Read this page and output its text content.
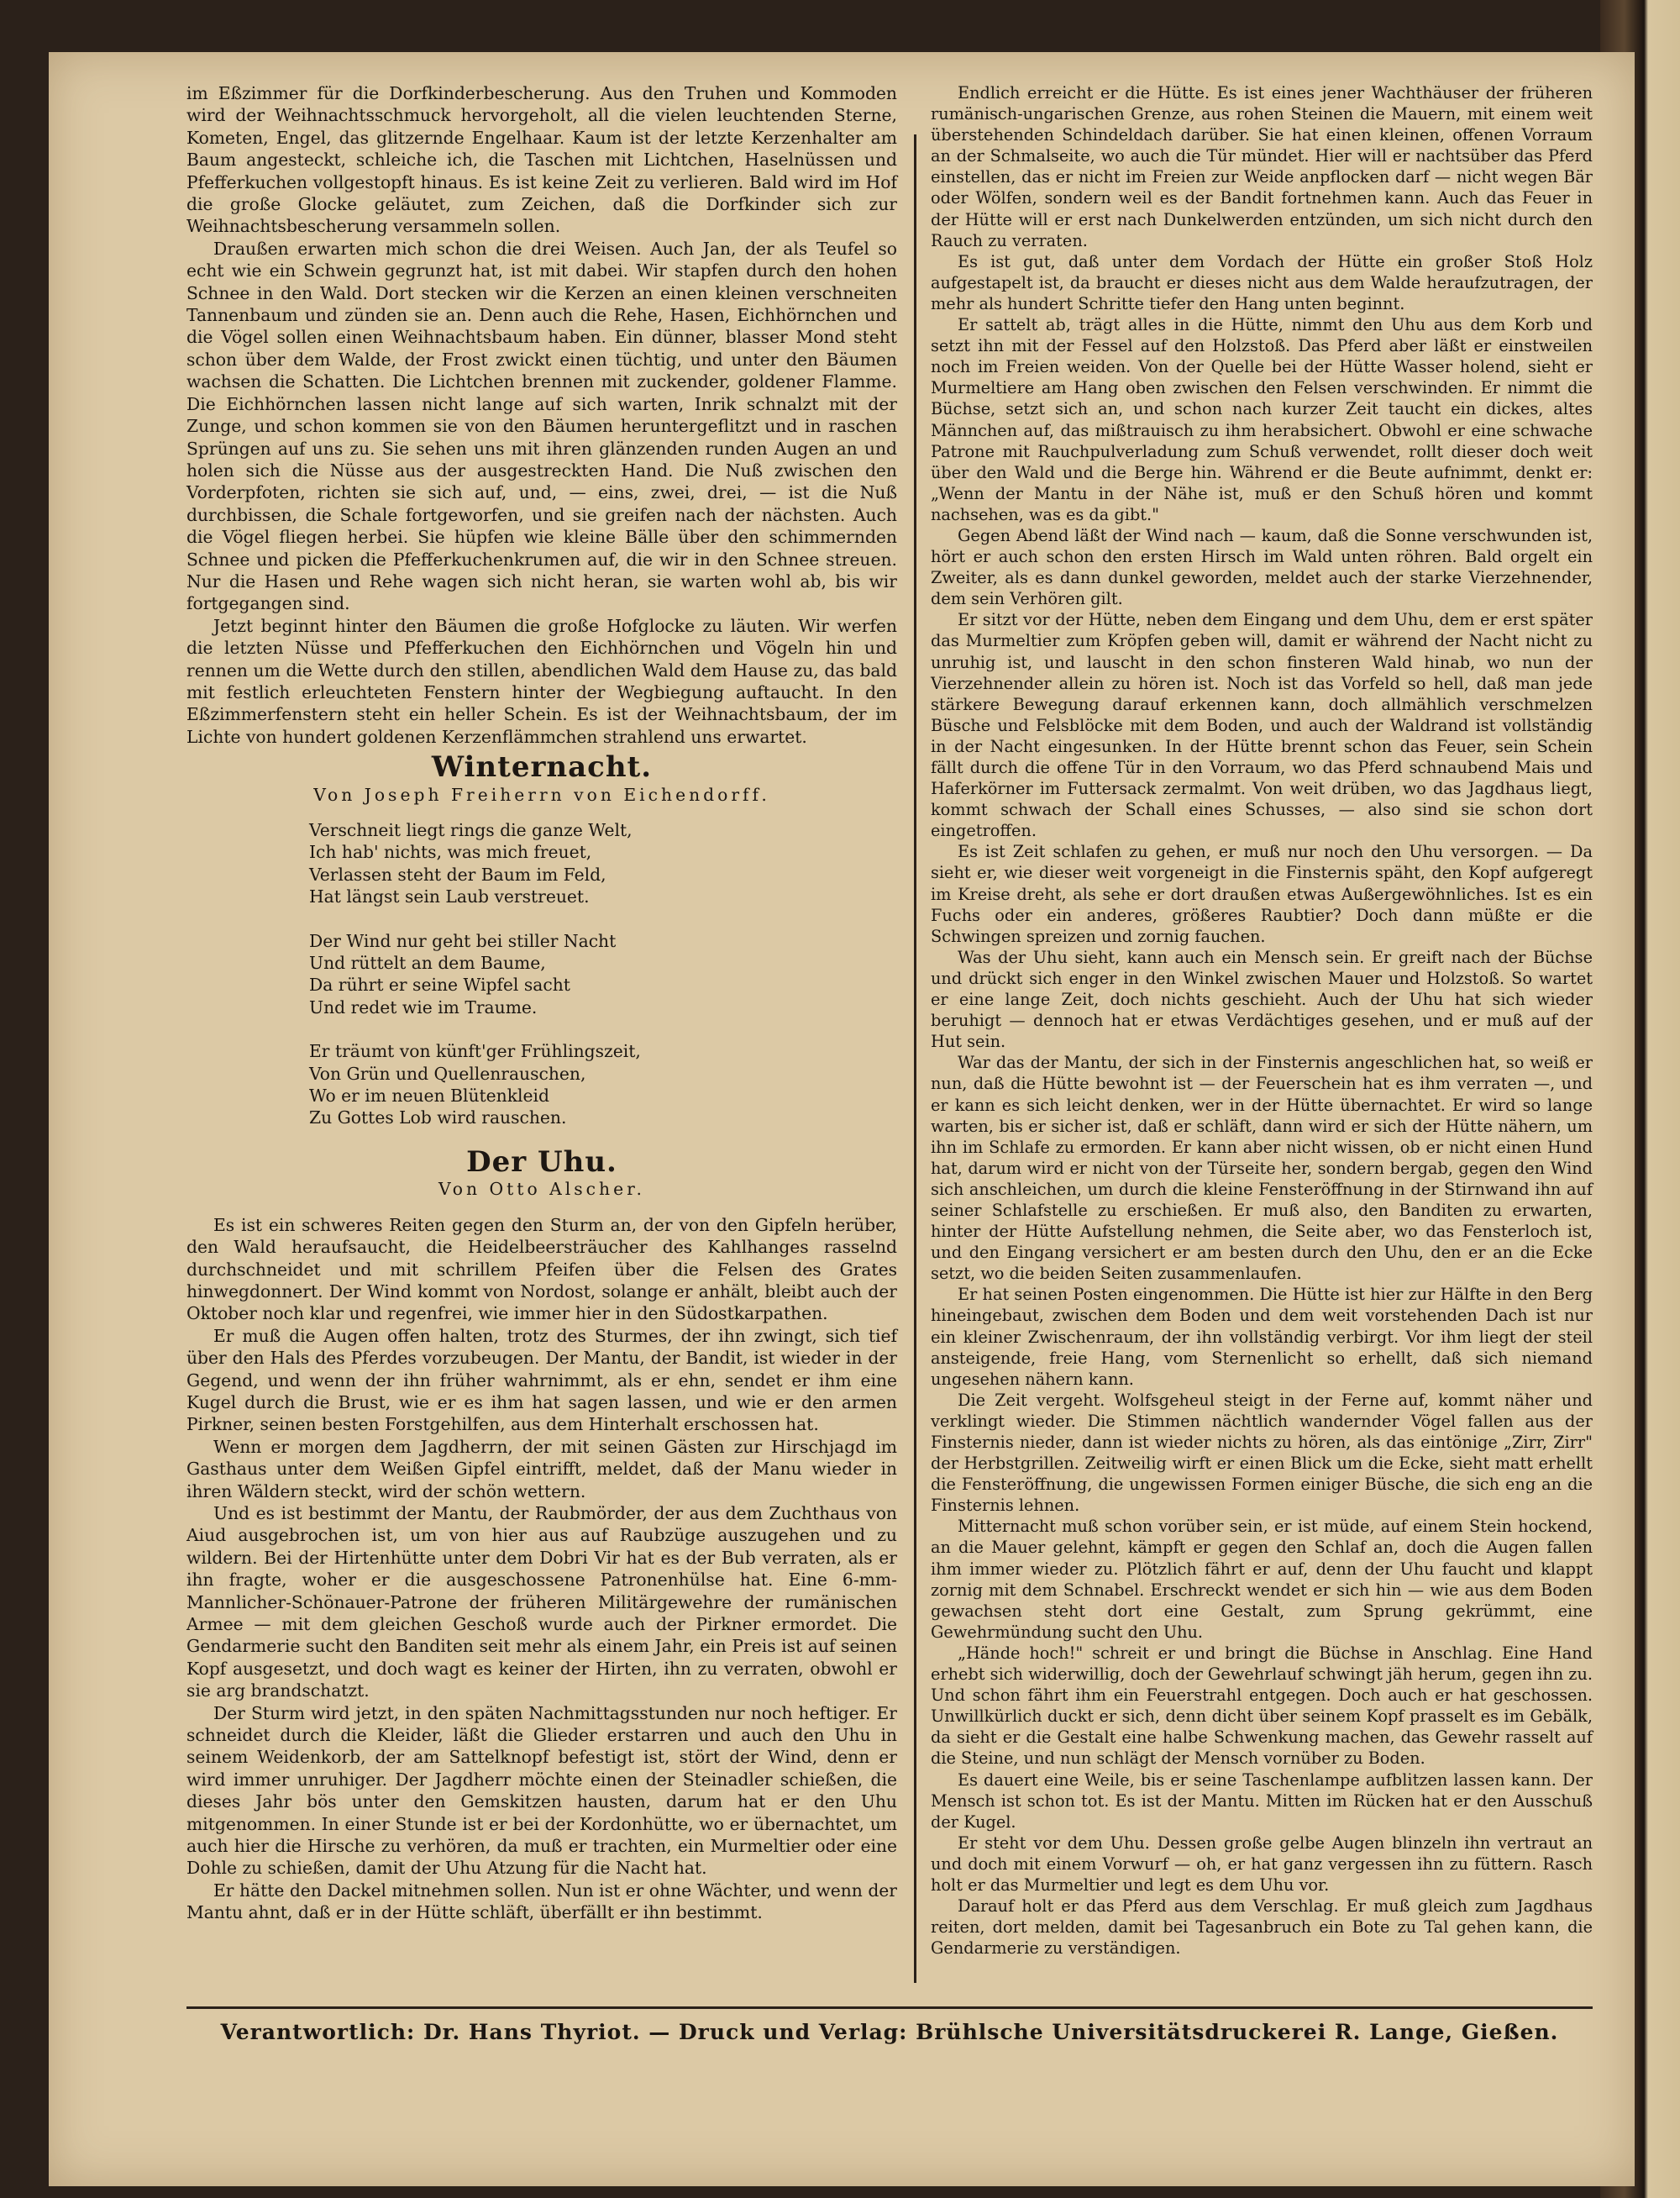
im Eßzimmer für die Dorfkinderbescherung. Aus den Truhen und Kommoden wird der Weihnachtsschmuck hervorgeholt, all die vielen leuchtenden Sterne, Kometen, Engel, das glitzernde Engelhaar. Kaum ist der letzte Kerzenhalter am Baum angesteckt, schleiche ich, die Taschen mit Lichtchen, Haselnüssen und Pfefferkuchen vollgestopft hinaus. Es ist keine Zeit zu verlieren. Bald wird im Hof die große Glocke geläutet, zum Zeichen, daß die Dorfkinder sich zur Weihnachtsbescherung versammeln sollen.

Draußen erwarten mich schon die drei Weisen. Auch Jan, der als Teufel so echt wie ein Schwein gegrunzt hat, ist mit dabei. Wir stapfen durch den hohen Schnee in den Wald. Dort stecken wir die Kerzen an einen kleinen verschneiten Tannenbaum und zünden sie an. Denn auch die Rehe, Hasen, Eichhörnchen und die Vögel sollen einen Weihnachtsbaum haben. Ein dünner, blasser Mond steht schon über dem Walde, der Frost zwickt einen tüchtig, und unter den Bäumen wachsen die Schatten. Die Lichtchen brennen mit zuckender, goldener Flamme. Die Eichhörnchen lassen nicht lange auf sich warten, Inrik schnalzt mit der Zunge, und schon kommen sie von den Bäumen heruntergeflitzt und in raschen Sprüngen auf uns zu. Sie sehen uns mit ihren glänzenden runden Augen an und holen sich die Nüsse aus der ausgestreckten Hand. Die Nuß zwischen den Vorderpfoten, richten sie sich auf, und, — eins, zwei, drei, — ist die Nuß durchbissen, die Schale fortgeworfen, und sie greifen nach der nächsten. Auch die Vögel fliegen herbei. Sie hüpfen wie kleine Bälle über den schimmernden Schnee und picken die Pfefferkuchenkrumen auf, die wir in den Schnee streuen. Nur die Hasen und Rehe wagen sich nicht heran, sie warten wohl ab, bis wir fortgegangen sind.

Jetzt beginnt hinter den Bäumen die große Hofglocke zu läuten. Wir werfen die letzten Nüsse und Pfefferkuchen den Eichhörnchen und Vögeln hin und rennen um die Wette durch den stillen, abendlichen Wald dem Hause zu, das bald mit festlich erleuchteten Fenstern hinter der Wegbiegung auftaucht. In den Eßzimmerfenstern steht ein heller Schein. Es ist der Weihnachtsbaum, der im Lichte von hundert goldenen Kerzenflämmchen strahlend uns erwartet.

Winternacht.
Von Joseph Freiherrn von Eichendorff.
Verschneit liegt rings die ganze Welt,
Ich hab' nichts, was mich freuet,
Verlassen steht der Baum im Feld,
Hat längst sein Laub verstreuet.
Der Wind nur geht bei stiller Nacht
Und rüttelt an dem Baume,
Da rührt er seine Wipfel sacht
Und redet wie im Traume.
Er träumt von künft'ger Frühlingszeit,
Von Grün und Quellenrauschen,
Wo er im neuen Blütenkleid
Zu Gottes Lob wird rauschen.
Der Uhu.
Von Otto Alscher.

Es ist ein schweres Reiten gegen den Sturm an, der von den Gipfeln herüber, den Wald heraufsaucht, die Heidelbeersträucher des Kahlhanges rasselnd durchschneidet und mit schrillem Pfeifen über die Felsen des Grates hinwegdonnert. Der Wind kommt von Nordost, solange er anhält, bleibt auch der Oktober noch klar und regenfrei, wie immer hier in den Südostkarpathen.

Er muß die Augen offen halten, trotz des Sturmes, der ihn zwingt, sich tief über den Hals des Pferdes vorzubeugen. Der Mantu, der Bandit, ist wieder in der Gegend, und wenn der ihn früher wahrnimmt, als er ehn, sendet er ihm eine Kugel durch die Brust, wie er es ihm hat sagen lassen, und wie er den armen Pirkner, seinen besten Forstgehilfen, aus dem Hinterhalt erschossen hat.

Wenn er morgen dem Jagdherrn, der mit seinen Gästen zur Hirschjagd im Gasthaus unter dem Weißen Gipfel eintrifft, meldet, daß der Manu wieder in ihren Wäldern steckt, wird der schön wettern.

Und es ist bestimmt der Mantu, der Raubmörder, der aus dem Zuchthaus von Aiud ausgebrochen ist, um von hier aus auf Raubzüge auszugehen und zu wildern. Bei der Hirtenhütte unter dem Dobri Vir hat es der Bub verraten, als er ihn fragte, woher er die ausgeschossene Patronenhülse hat. Eine 6-mm-Mannlicher-Schönauer-Patrone der früheren Militärgewehre der rumänischen Armee — mit dem gleichen Geschoß wurde auch der Pirkner ermordet. Die Gendarmerie sucht den Banditen seit mehr als einem Jahr, ein Preis ist auf seinen Kopf ausgesetzt, und doch wagt es keiner der Hirten, ihn zu verraten, obwohl er sie arg brandschatzt.

Der Sturm wird jetzt, in den späten Nachmittagsstunden nur noch heftiger. Er schneidet durch die Kleider, läßt die Glieder erstarren und auch den Uhu in seinem Weidenkorb, der am Sattelknopf befestigt ist, stört der Wind, denn er wird immer unruhiger. Der Jagdherr möchte einen der Steinadler schießen, die dieses Jahr bös unter den Gemskitzen hausten, darum hat er den Uhu mitgenommen. In einer Stunde ist er bei der Kordonhütte, wo er übernachtet, um auch hier die Hirsche zu verhören, da muß er trachten, ein Murmeltier oder eine Dohle zu schießen, damit der Uhu Atzung für die Nacht hat.

Er hätte den Dackel mitnehmen sollen. Nun ist er ohne Wächter, und wenn der Mantu ahnt, daß er in der Hütte schläft, überfällt er ihn bestimmt.

Endlich erreicht er die Hütte. Es ist eines jener Wachthäuser der früheren rumänisch-ungarischen Grenze, aus rohen Steinen die Mauern, mit einem weit überstehenden Schindeldach darüber. Sie hat einen kleinen, offenen Vorraum an der Schmalseite, wo auch die Tür mündet. Hier will er nachtsüber das Pferd einstellen, das er nicht im Freien zur Weide anpflocken darf — nicht wegen Bär oder Wölfen, sondern weil es der Bandit fortnehmen kann. Auch das Feuer in der Hütte will er erst nach Dunkelwerden entzünden, um sich nicht durch den Rauch zu verraten.

Es ist gut, daß unter dem Vordach der Hütte ein großer Stoß Holz aufgestapelt ist, da braucht er dieses nicht aus dem Walde heraufzutragen, der mehr als hundert Schritte tiefer den Hang unten beginnt.

Er sattelt ab, trägt alles in die Hütte, nimmt den Uhu aus dem Korb und setzt ihn mit der Fessel auf den Holzstoß. Das Pferd aber läßt er einstweilen noch im Freien weiden. Von der Quelle bei der Hütte Wasser holend, sieht er Murmeltiere am Hang oben zwischen den Felsen verschwinden. Er nimmt die Büchse, setzt sich an, und schon nach kurzer Zeit taucht ein dickes, altes Männchen auf, das mißtrauisch zu ihm herabsichert. Obwohl er eine schwache Patrone mit Rauchpulverladung zum Schuß verwendet, rollt dieser doch weit über den Wald und die Berge hin. Während er die Beute aufnimmt, denkt er: „Wenn der Mantu in der Nähe ist, muß er den Schuß hören und kommt nachsehen, was es da gibt."

Gegen Abend läßt der Wind nach — kaum, daß die Sonne verschwunden ist, hört er auch schon den ersten Hirsch im Wald unten röhren. Bald orgelt ein Zweiter, als es dann dunkel geworden, meldet auch der starke Vierzehnender, dem sein Verhören gilt.

Er sitzt vor der Hütte, neben dem Eingang und dem Uhu, dem er erst später das Murmeltier zum Kröpfen geben will, damit er während der Nacht nicht zu unruhig ist, und lauscht in den schon finsteren Wald hinab, wo nun der Vierzehnender allein zu hören ist. Noch ist das Vorfeld so hell, daß man jede stärkere Bewegung darauf erkennen kann, doch allmählich verschmelzen Büsche und Felsblöcke mit dem Boden, und auch der Waldrand ist vollständig in der Nacht eingesunken. In der Hütte brennt schon das Feuer, sein Schein fällt durch die offene Tür in den Vorraum, wo das Pferd schnaubend Mais und Haferkörner im Futtersack zermalmt. Von weit drüben, wo das Jagdhaus liegt, kommt schwach der Schall eines Schusses, — also sind sie schon dort eingetroffen.

Es ist Zeit schlafen zu gehen, er muß nur noch den Uhu versorgen. — Da sieht er, wie dieser weit vorgeneigt in die Finsternis späht, den Kopf aufgeregt im Kreise dreht, als sehe er dort draußen etwas Außergewöhnliches. Ist es ein Fuchs oder ein anderes, größeres Raubtier? Doch dann müßte er die Schwingen spreizen und zornig fauchen.

Was der Uhu sieht, kann auch ein Mensch sein. Er greift nach der Büchse und drückt sich enger in den Winkel zwischen Mauer und Holzstoß. So wartet er eine lange Zeit, doch nichts geschieht. Auch der Uhu hat sich wieder beruhigt — dennoch hat er etwas Verdächtiges gesehen, und er muß auf der Hut sein.

War das der Mantu, der sich in der Finsternis angeschlichen hat, so weiß er nun, daß die Hütte bewohnt ist — der Feuerschein hat es ihm verraten —, und er kann es sich leicht denken, wer in der Hütte übernachtet. Er wird so lange warten, bis er sicher ist, daß er schläft, dann wird er sich der Hütte nähern, um ihn im Schlafe zu ermorden. Er kann aber nicht wissen, ob er nicht einen Hund hat, darum wird er nicht von der Türseite her, sondern bergab, gegen den Wind sich anschleichen, um durch die kleine Fensteröffnung in der Stirnwand ihn auf seiner Schlafstelle zu erschießen. Er muß also, den Banditen zu erwarten, hinter der Hütte Aufstellung nehmen, die Seite aber, wo das Fensterloch ist, und den Eingang versichert er am besten durch den Uhu, den er an die Ecke setzt, wo die beiden Seiten zusammenlaufen.

Er hat seinen Posten eingenommen. Die Hütte ist hier zur Hälfte in den Berg hineingebaut, zwischen dem Boden und dem weit vorstehenden Dach ist nur ein kleiner Zwischenraum, der ihn vollständig verbirgt. Vor ihm liegt der steil ansteigende, freie Hang, vom Sternenlicht so erhellt, daß sich niemand ungesehen nähern kann.

Die Zeit vergeht. Wolfsgeheul steigt in der Ferne auf, kommt näher und verklingt wieder. Die Stimmen nächtlich wandernder Vögel fallen aus der Finsternis nieder, dann ist wieder nichts zu hören, als das eintönige „Zirr, Zirr" der Herbstgrillen. Zeitweilig wirft er einen Blick um die Ecke, sieht matt erhellt die Fensteröffnung, die ungewissen Formen einiger Büsche, die sich eng an die Finsternis lehnen.

Mitternacht muß schon vorüber sein, er ist müde, auf einem Stein hockend, an die Mauer gelehnt, kämpft er gegen den Schlaf an, doch die Augen fallen ihm immer wieder zu. Plötzlich fährt er auf, denn der Uhu faucht und klappt zornig mit dem Schnabel. Erschreckt wendet er sich hin — wie aus dem Boden gewachsen steht dort eine Gestalt, zum Sprung gekrümmt, eine Gewehrmündung sucht den Uhu.

„Hände hoch!" schreit er und bringt die Büchse in Anschlag. Eine Hand erhebt sich widerwillig, doch der Gewehrlauf schwingt jäh herum, gegen ihn zu. Und schon fährt ihm ein Feuerstrahl entgegen. Doch auch er hat geschossen. Unwillkürlich duckt er sich, denn dicht über seinem Kopf prasselt es im Gebälk, da sieht er die Gestalt eine halbe Schwenkung machen, das Gewehr rasselt auf die Steine, und nun schlägt der Mensch vornüber zu Boden.

Es dauert eine Weile, bis er seine Taschenlampe aufblitzen lassen kann. Der Mensch ist schon tot. Es ist der Mantu. Mitten im Rücken hat er den Ausschuß der Kugel.

Er steht vor dem Uhu. Dessen große gelbe Augen blinzeln ihn vertraut an und doch mit einem Vorwurf — oh, er hat ganz vergessen ihn zu füttern. Rasch holt er das Murmeltier und legt es dem Uhu vor.

Darauf holt er das Pferd aus dem Verschlag. Er muß gleich zum Jagdhaus reiten, dort melden, damit bei Tagesanbruch ein Bote zu Tal gehen kann, die Gendarmerie zu verständigen.

Verantwortlich: Dr. Hans Thyriot. — Druck und Verlag: Brühlsche Universitätsdruckerei R. Lange, Gießen.
